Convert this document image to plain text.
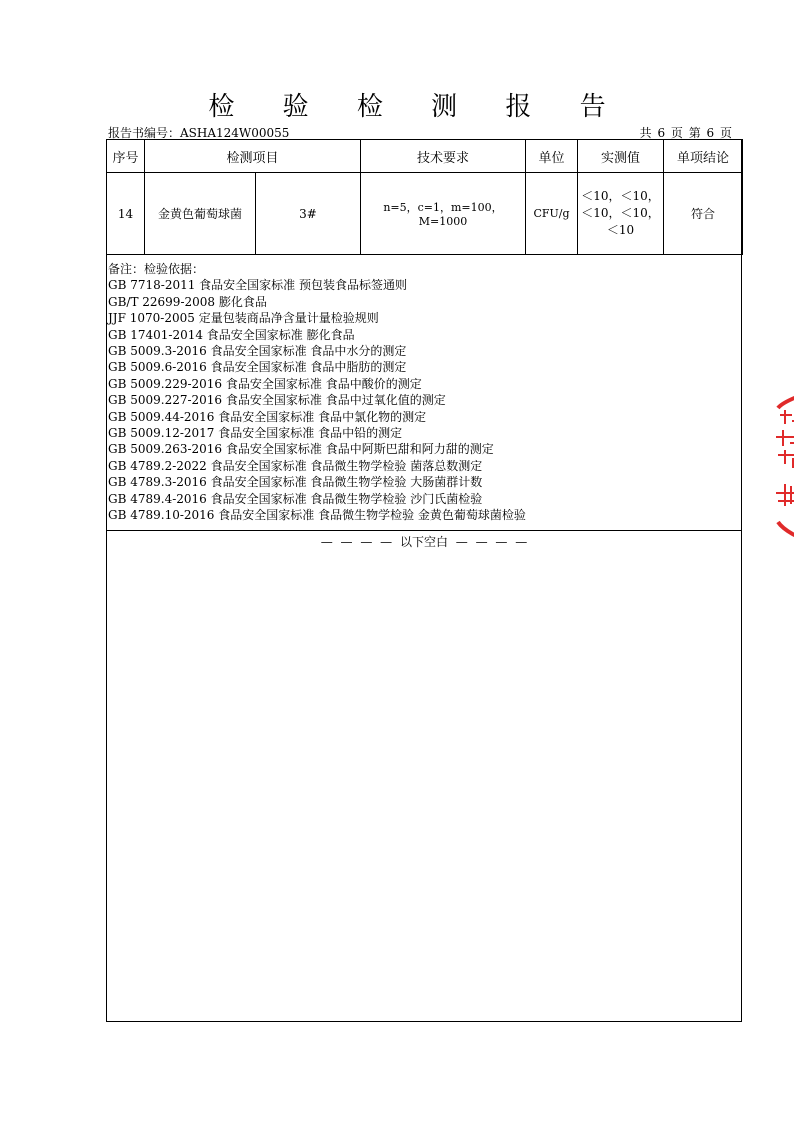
检 验 检 测 报 告
报告书编号：ASHA124W00055	共 6 页 第 6 页
序号	检测项目		技术要求	单位	实测值	单项结论
14	金黄色葡萄球菌	3#	n=5，c=1，m=100，M=1000	CFU/g	＜10，＜10，
＜10，＜10，
＜10	符合
备注：检验依据：
GB 7718-2011 食品安全国家标准 预包装食品标签通则
GB/T 22699-2008 膨化食品
JJF 1070-2005 定量包装商品净含量计量检验规则
GB 17401-2014 食品安全国家标准 膨化食品
GB 5009.3-2016 食品安全国家标准 食品中水分的测定
GB 5009.6-2016 食品安全国家标准 食品中脂肪的测定
GB 5009.229-2016 食品安全国家标准 食品中酸价的测定
GB 5009.227-2016 食品安全国家标准 食品中过氧化值的测定
GB 5009.44-2016 食品安全国家标准 食品中氯化物的测定
GB 5009.12-2017 食品安全国家标准 食品中铅的测定
GB 5009.263-2016 食品安全国家标准 食品中阿斯巴甜和阿力甜的测定
GB 4789.2-2022 食品安全国家标准 食品微生物学检验 菌落总数测定
GB 4789.3-2016 食品安全国家标准 食品微生物学检验 大肠菌群计数
GB 4789.4-2016 食品安全国家标准 食品微生物学检验 沙门氏菌检验
GB 4789.10-2016 食品安全国家标准 食品微生物学检验 金黄色葡萄球菌检验
— — — — 以下空白 — — — —
